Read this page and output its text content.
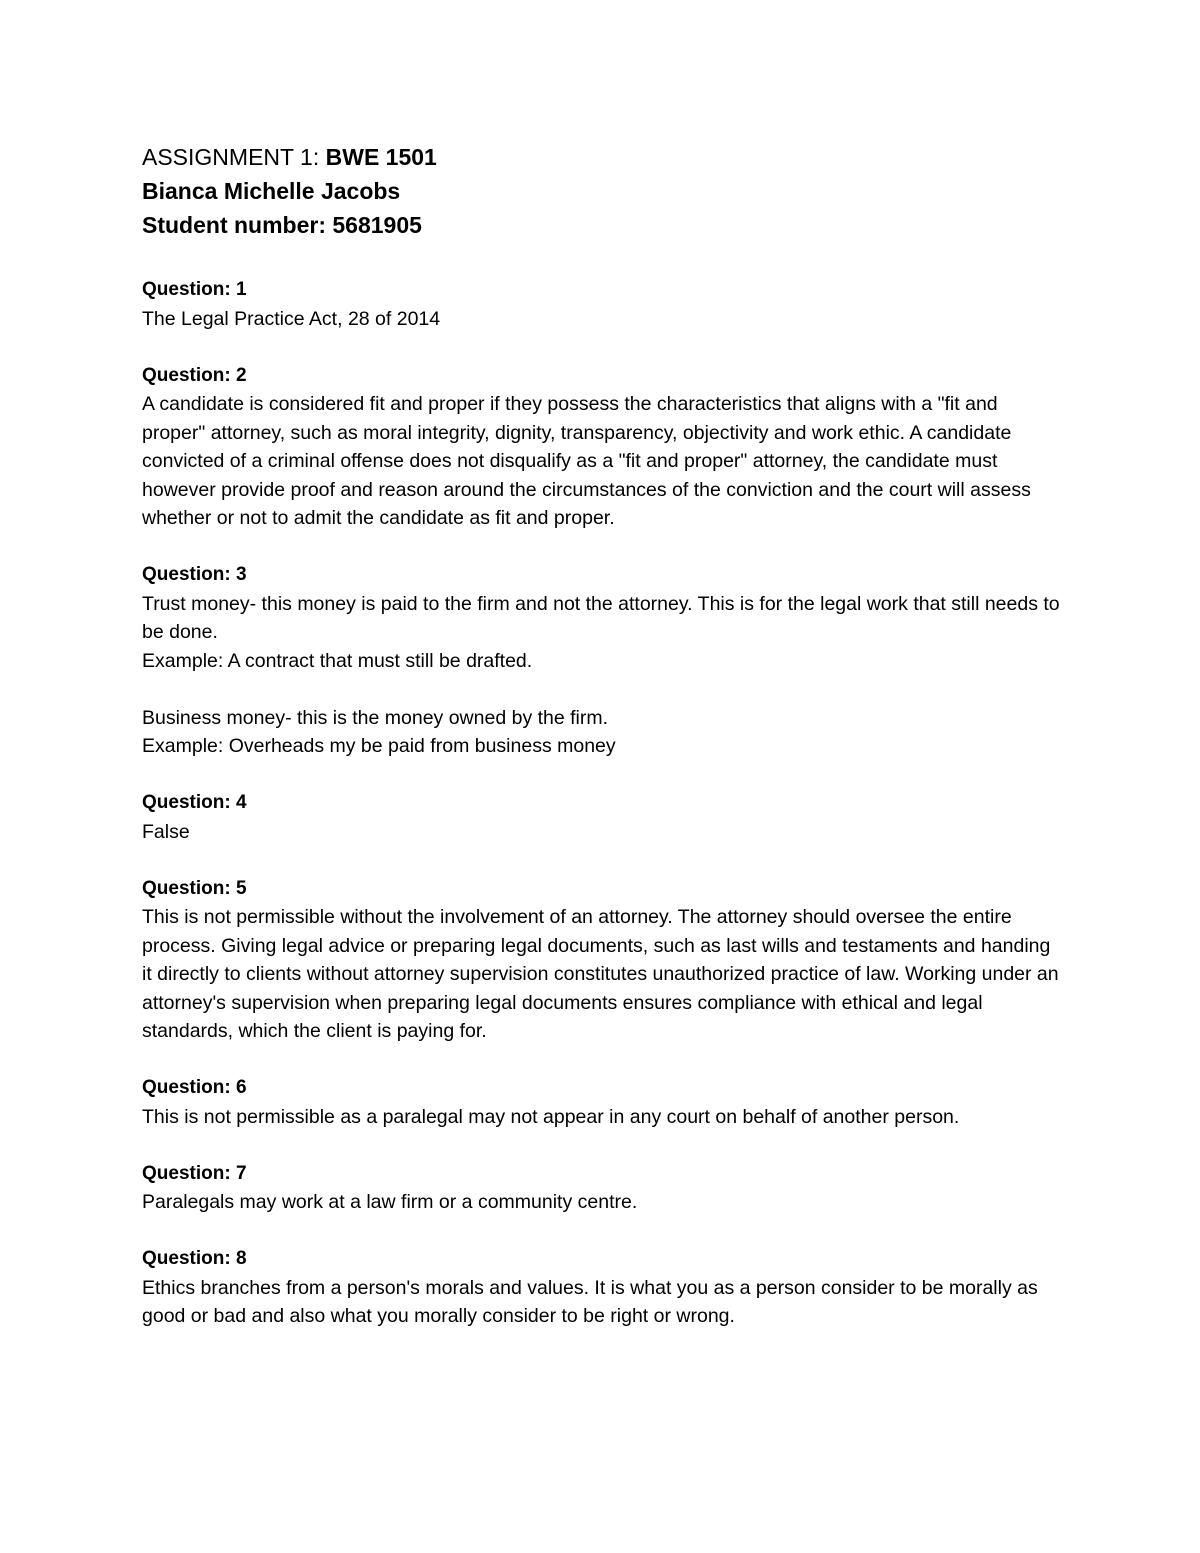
ASSIGNMENT 1: BWE 1501

Bianca Michelle Jacobs

Student number: 5681905

Question: 1

The Legal Practice Act, 28 of 2014

Question: 2

A candidate is considered fit and proper if they possess the characteristics that aligns with a "fit and proper" attorney, such as moral integrity, dignity, transparency, objectivity and work ethic. A candidate convicted of a criminal offense does not disqualify as a "fit and proper" attorney, the candidate must however provide proof and reason around the circumstances of the conviction and the court will assess whether or not to admit the candidate as fit and proper.

Question: 3

Trust money- this money is paid to the firm and not the attorney. This is for the legal work that still needs to be done.
Example: A contract that must still be drafted.

Business money- this is the money owned by the firm.
Example: Overheads my be paid from business money

Question: 4

False

Question: 5

This is not permissible without the involvement of an attorney. The attorney should oversee the entire process. Giving legal advice or preparing legal documents, such as last wills and testaments and handing it directly to clients without attorney supervision constitutes unauthorized practice of law. Working under an attorney's supervision when preparing legal documents ensures compliance with ethical and legal standards, which the client is paying for.

Question: 6

This is not permissible as a paralegal may not appear in any court on behalf of another person.

Question: 7

Paralegals may work at a law firm or a community centre.

Question: 8

Ethics branches from a person's morals and values. It is what you as a person consider to be morally as good or bad and also what you morally consider to be right or wrong.
